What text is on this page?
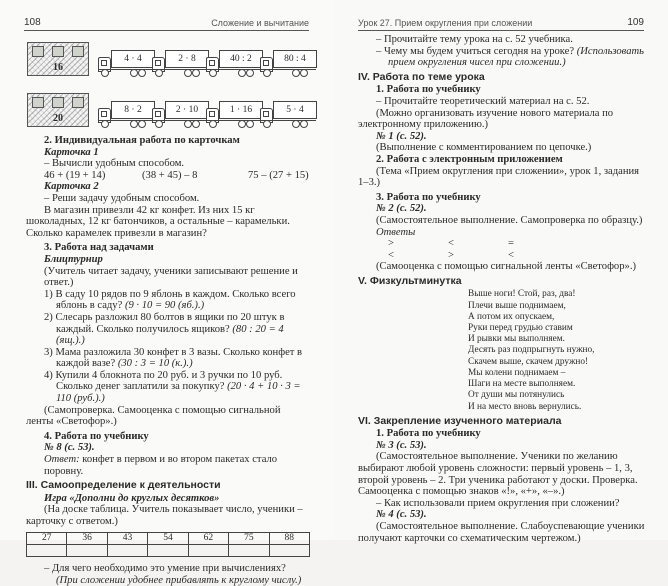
108	Сложение и вычитание
16
4 · 4	2 · 8	40 : 2	80 : 4
20
8 · 2	2 · 10	1 · 16	5 · 4

2. Индивидуальная работа по карточкам

Карточка 1

– Вычисли удобным способом.

46 + (19 + 14)	(38 + 45) – 8	75 – (27 + 15)

Карточка 2

– Реши задачу удобным способом.

В магазин привезли 42 кг конфет. Из них 15 кг шоколадных, 12 кг батончиков, а остальные – карамельки. Сколько карамелек привезли в магазин?

3. Работа над задачами

Блицтурнир

(Учитель читает задачу, ученики записывают решение и ответ.)

1) В саду 10 рядов по 9 яблонь в каждом. Сколько всего яблонь в саду? (9 · 10 = 90 (яб.).)

2) Слесарь разложил 80 болтов в ящики по 20 штук в каждый. Сколько получилось ящиков? (80 : 20 = 4 (ящ.).)

3) Мама разложила 30 конфет в 3 вазы. Сколько конфет в каждой вазе? (30 : 3 = 10 (к.).)

4) Купили 4 блокнота по 20 руб. и 3 ручки по 10 руб. Сколько денег заплатили за покупку? (20 · 4 + 10 · 3 = 110 (руб.).)

(Самопроверка. Самооценка с помощью сигнальной ленты «Светофор».)

4. Работа по учебнику

№ 8 (с. 53).

Ответ: конфет в первом и во втором пакетах стало поровну.

III. Самоопределение к деятельности

Игра «Дополни до круглых десятков»

(На доске таблица. Учитель показывает число, ученики – карточку с ответом.)

27	36	43	54	62	75	88

– Для чего необходимо это умение при вычислениях? (При сложении удобнее прибавлять к круглому числу.)

Урок 27. Прием округления при сложении	109

– Прочитайте тему урока на с. 52 учебника.

– Чему мы будем учиться сегодня на уроке? (Использовать прием округления чисел при сложении.)

IV. Работа по теме урока

1. Работа по учебнику

– Прочитайте теоретический материал на с. 52.

(Можно организовать изучение нового материала по электронному приложению.)

№ 1 (с. 52).

(Выполнение с комментированием по цепочке.)

2. Работа с электронным приложением

(Тема «Прием округления при сложении», урок 1, задания 1–3.)

3. Работа по учебнику

№ 2 (с. 52).

(Самостоятельное выполнение. Самопроверка по образцу.)

Ответы

>	<	=
<	>	<

(Самооценка с помощью сигнальной ленты «Светофор».)

V. Физкультминутка

Выше ноги! Стой, раз, два!

Плечи выше поднимаем,

А потом их опускаем,

Руки перед грудью ставим

И рывки мы выполняем.

Десять раз подпрыгнуть нужно,

Скачем выше, скачем дружно!

Мы колени поднимаем –

Шаги на месте выполняем.

От души мы потянулись

И на место вновь вернулись.

VI. Закрепление изученного материала

1. Работа по учебнику

№ 3 (с. 53).

(Самостоятельное выполнение. Ученики по желанию выбирают любой уровень сложности: первый уровень – 1, 3, второй уровень – 2. Три ученика работают у доски. Проверка. Самооценка с помощью знаков «!», «+», «–».)

– Как использовали прием округления при сложении?

№ 4 (с. 53).

(Самостоятельное выполнение. Слабоуспевающие ученики получают карточки со схематическим чертежом.)
